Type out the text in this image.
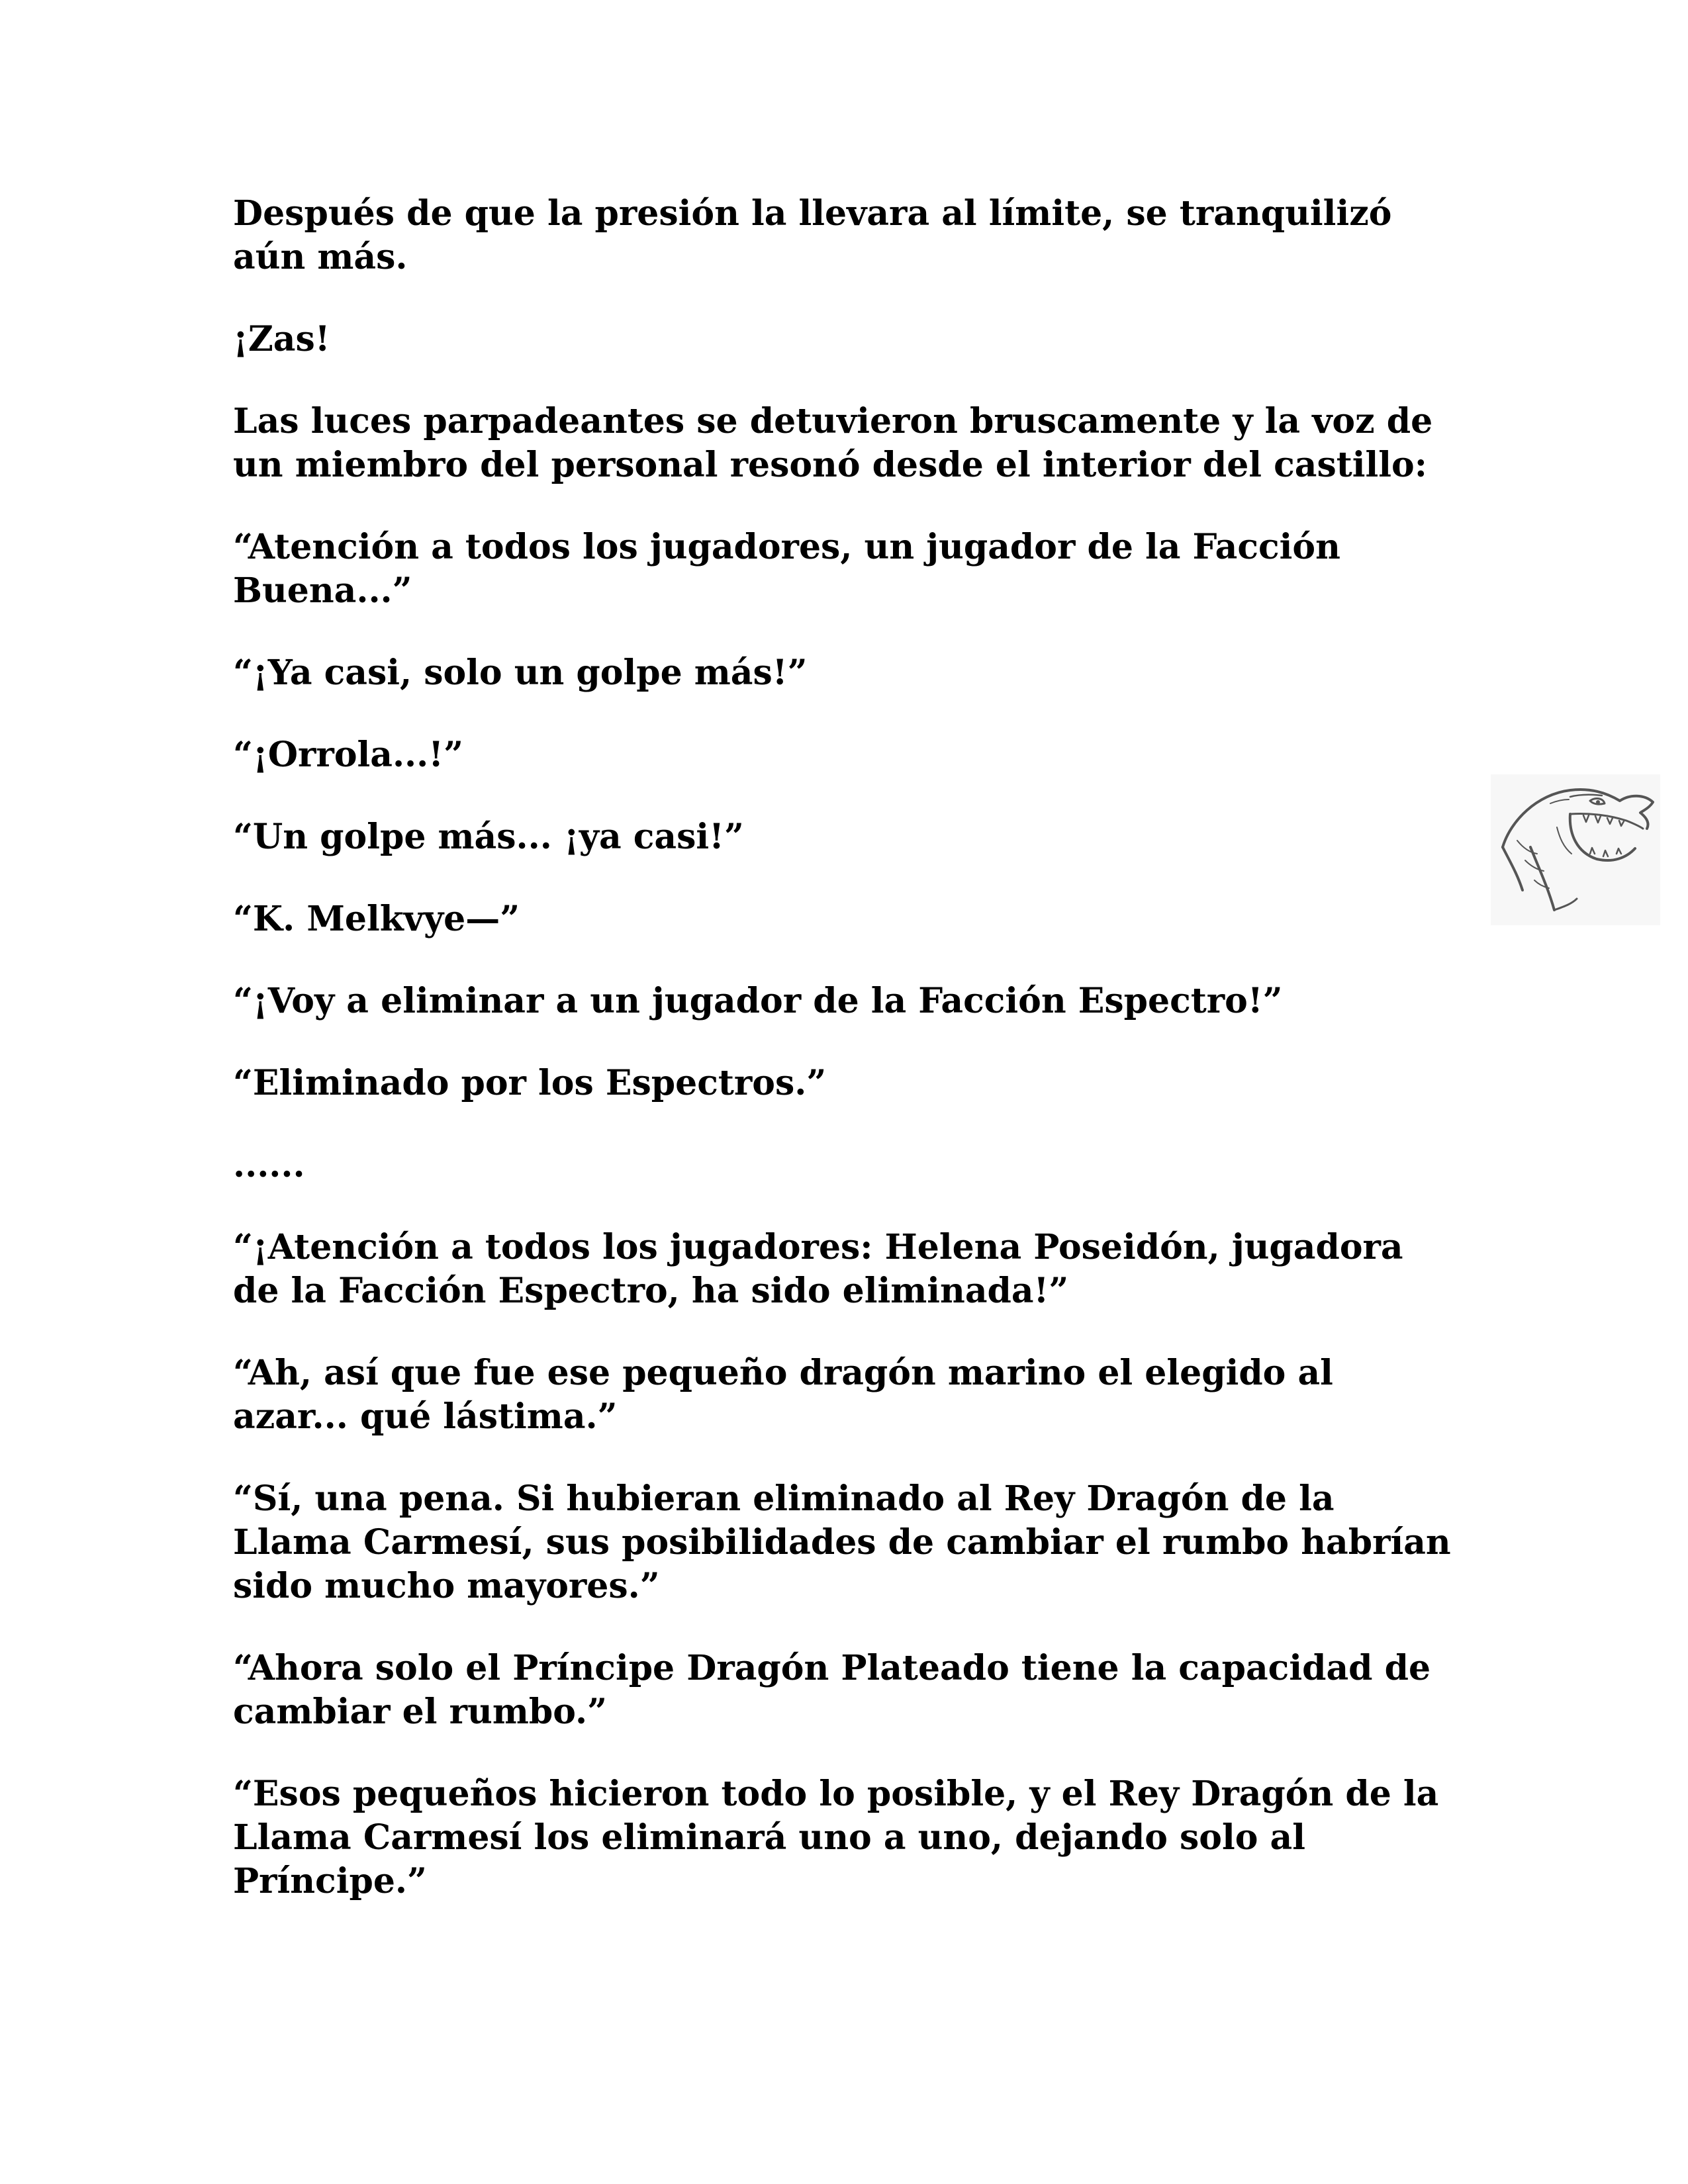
Después de que la presión la llevara al límite, se tranquilizó
aún más.

¡Zas!

Las luces parpadeantes se detuvieron bruscamente y la voz de
un miembro del personal resonó desde el interior del castillo:

“Atención a todos los jugadores, un jugador de la Facción
Buena...”

“¡Ya casi, solo un golpe más!”

“¡Orrola...!”

“Un golpe más... ¡ya casi!”

“K. Melkvye—”

“¡Voy a eliminar a un jugador de la Facción Espectro!”

“Eliminado por los Espectros.”

......

“¡Atención a todos los jugadores: Helena Poseidón, jugadora
de la Facción Espectro, ha sido eliminada!”

“Ah, así que fue ese pequeño dragón marino el elegido al
azar... qué lástima.”

“Sí, una pena. Si hubieran eliminado al Rey Dragón de la
Llama Carmesí, sus posibilidades de cambiar el rumbo habrían
sido mucho mayores.”

“Ahora solo el Príncipe Dragón Plateado tiene la capacidad de
cambiar el rumbo.”

“Esos pequeños hicieron todo lo posible, y el Rey Dragón de la
Llama Carmesí los eliminará uno a uno, dejando solo al
Príncipe.”
